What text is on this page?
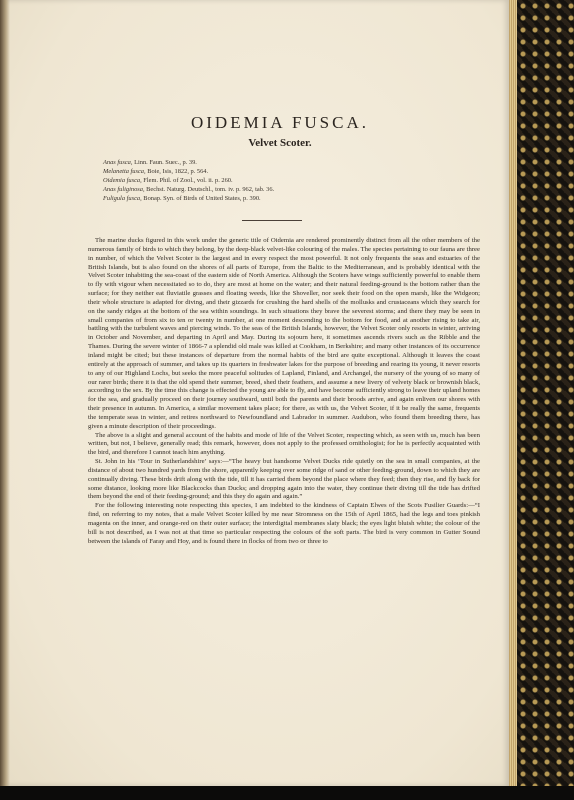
OIDEMIA FUSCA.
Velvet Scoter.
Anas fusca, Linn. Faun. Suec., p. 39.
Melanetta fusca, Boie, Isis, 1822, p. 564.
Oidemia fusca, Flem. Phil. of Zool., vol. ii. p. 260.
Anas fuliginosa, Bechst. Naturg. Deutschl., tom. iv. p. 962, tab. 36.
Fuligula fusca, Bonap. Syn. of Birds of United States, p. 390.

The marine ducks figured in this work under the generic title of Oidemia are rendered prominently distinct from all the other members of the numerous family of birds to which they belong, by the deep-black velvet-like colouring of the males. The species pertaining to our fauna are three in number, of which the Velvet Scoter is the largest and in every respect the most powerful. It not only frequents the seas and estuaries of the British Islands, but is also found on the shores of all parts of Europe, from the Baltic to the Mediterranean, and is probably identical with the Velvet Scoter inhabiting the sea-coast of the eastern side of North America. Although the Scoters have wings sufficiently powerful to enable them to fly with vigour when necessitated so to do, they are most at home on the water; and their natural feeding-ground is the bottom rather than the surface; for they neither eat fluviatile grasses and floating weeds, like the Shoveller, nor seek their food on the open marsh, like the Widgeon; their whole structure is adapted for diving, and their gizzards for crushing the hard shells of the mollusks and crustaceans which they search for on the sandy ridges at the bottom of the sea within soundings. In such situations they brave the severest storms; and there they may be seen in small companies of from six to ten or twenty in number, at one moment descending to the bottom for food, and at another rising to take air, battling with the turbulent waves and piercing winds. To the seas of the British Islands, however, the Velvet Scoter only resorts in winter, arriving in October and November, and departing in April and May. During its sojourn here, it sometimes ascends rivers such as the Ribble and the Thames. During the severe winter of 1866-7 a splendid old male was killed at Cookham, in Berkshire; and many other instances of its occurrence inland might be cited; but these instances of departure from the normal habits of the bird are quite exceptional. Although it leaves the coast entirely at the approach of summer, and takes up its quarters in freshwater lakes for the purpose of breeding and rearing its young, it never resorts to any of our Highland Lochs, but seeks the more peaceful solitudes of Lapland, Finland, and Archangel, the nursery of the young of so many of our rarer birds; there it is that the old spend their summer, breed, shed their feathers, and assume a new livery of velvety black or brownish black, according to the sex. By the time this change is effected the young are able to fly, and have become sufficiently strong to leave their upland homes for the sea, and gradually proceed on their journey southward, until both the parents and their broods arrive, and again enliven our shores with their presence in autumn. In America, a similar movement takes place; for there, as with us, the Velvet Scoter, if it be really the same, frequents the temperate seas in winter, and retires northward to Newfoundland and Labrador in summer. Audubon, who found them breeding there, has given a minute description of their proceedings.

The above is a slight and general account of the habits and mode of life of the Velvet Scoter, respecting which, as seen with us, much has been written, but not, I believe, generally read; this remark, however, does not apply to the professed ornithologist; for he is perfectly acquainted with the bird, and therefore I cannot teach him anything.

St. John in his ‘Tour in Sutherlandshire’ says:—“The heavy but handsome Velvet Ducks ride quietly on the sea in small companies, at the distance of about two hundred yards from the shore, apparently keeping over some ridge of sand or other feeding-ground, down to which they are continually diving. These birds drift along with the tide, till it has carried them beyond the place where they feed; then they rise, and fly back for some distance, looking more like Blackcocks than Ducks; and dropping again into the water, they continue their diving till the tide has drifted them beyond the end of their feeding-ground; and this they do again and again.”

For the following interesting note respecting this species, I am indebted to the kindness of Captain Elwes of the Scots Fusilier Guards:—“I find, on referring to my notes, that a male Velvet Scoter killed by me near Stromness on the 15th of April 1865, had the legs and toes pinkish magenta on the inner, and orange-red on their outer surface; the interdigital membranes slaty black; the eyes light bluish white; the colour of the bill is not described, as I was not at that time so particular respecting the colours of the soft parts. The bird is very common in Gutter Sound between the islands of Faray and Hoy, and is found there in flocks of from two or three to
